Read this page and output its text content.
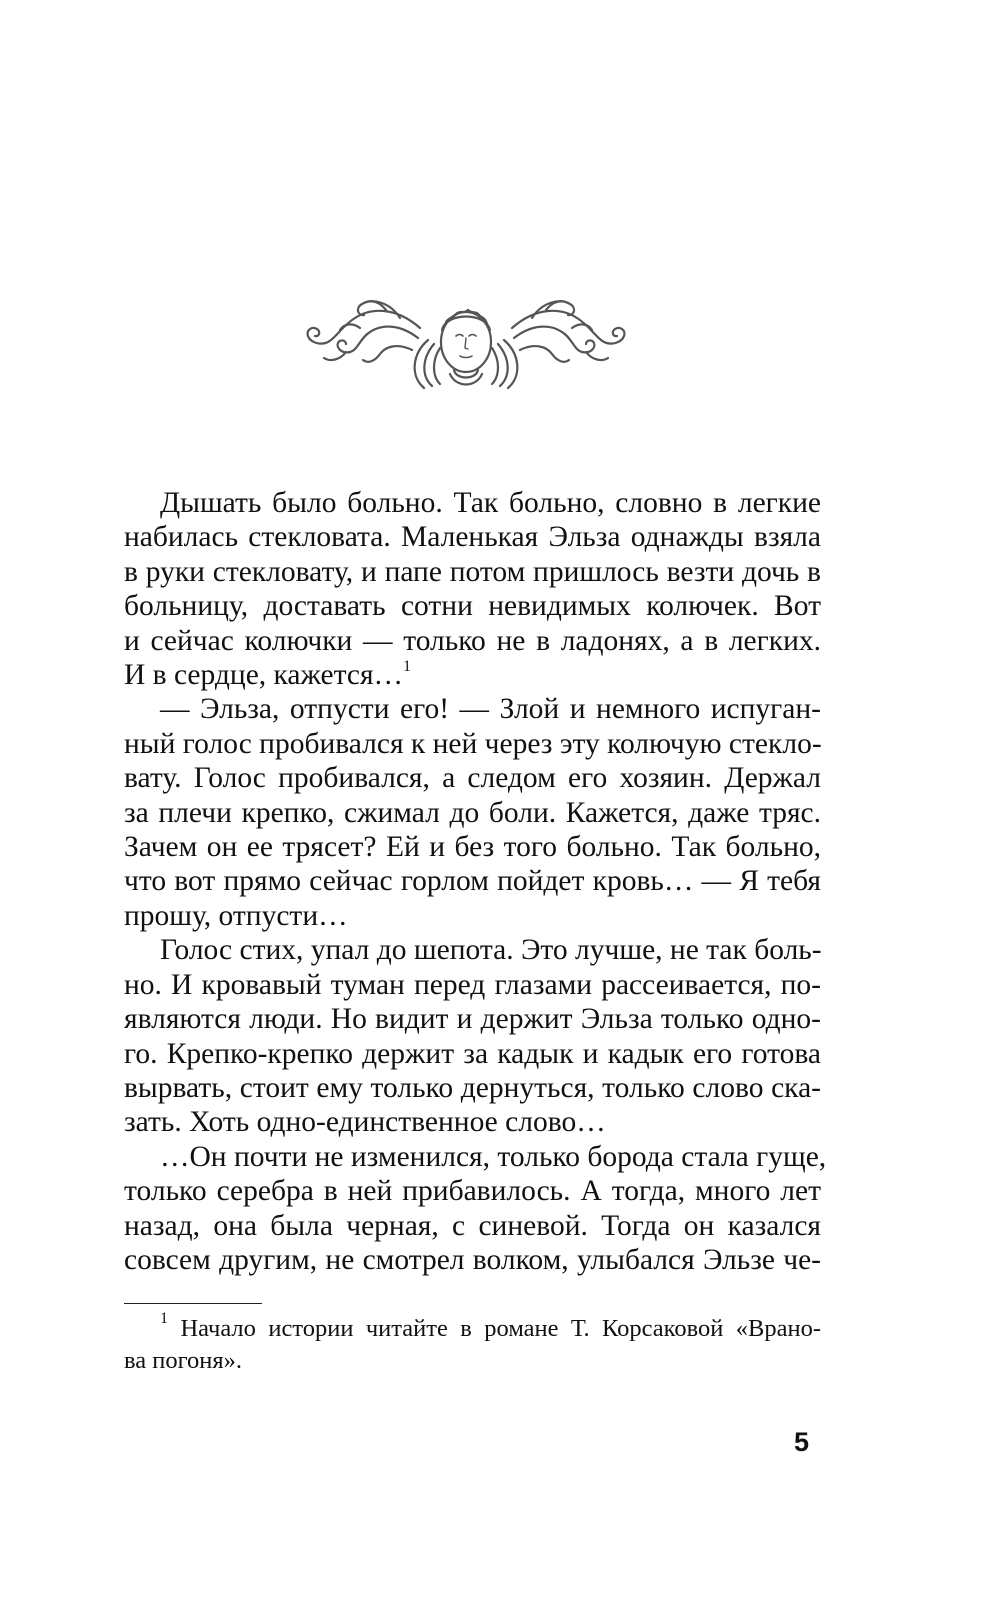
Дышать было больно. Так больно, словно в легкие
набилась стекловата. Маленькая Эльза однажды взяла
в руки стекловату, и папе потом пришлось везти дочь в
больницу, доставать сотни невидимых колючек. Вот
и сейчас колючки — только не в ладонях, а в легких.
И в сердце, кажется…$^1$

— Эльза, отпусти его! — Злой и немного испуган-
ный голос пробивался к ней через эту колючую стекло-
вату. Голос пробивался, а следом его хозяин. Держал
за плечи крепко, сжимал до боли. Кажется, даже тряс.
Зачем он ее трясет? Ей и без того больно. Так больно,
что вот прямо сейчас горлом пойдет кровь… — Я тебя
прошу, отпусти…

Голос стих, упал до шепота. Это лучше, не так боль-
но. И кровавый туман перед глазами рассеивается, по-
являются люди. Но видит и держит Эльза только одно-
го. Крепко-крепко держит за кадык и кадык его готова
вырвать, стоит ему только дернуться, только слово ска-
зать. Хоть одно-единственное слово…

…Он почти не изменился, только борода стала гуще,
только серебра в ней прибавилось. А тогда, много лет
назад, она была черная, с синевой. Тогда он казался
совсем другим, не смотрел волком, улыбался Эльзе че-

$^1$ Начало истории читайте в романе Т. Корсаковой «Врано-
ва погоня».
5
